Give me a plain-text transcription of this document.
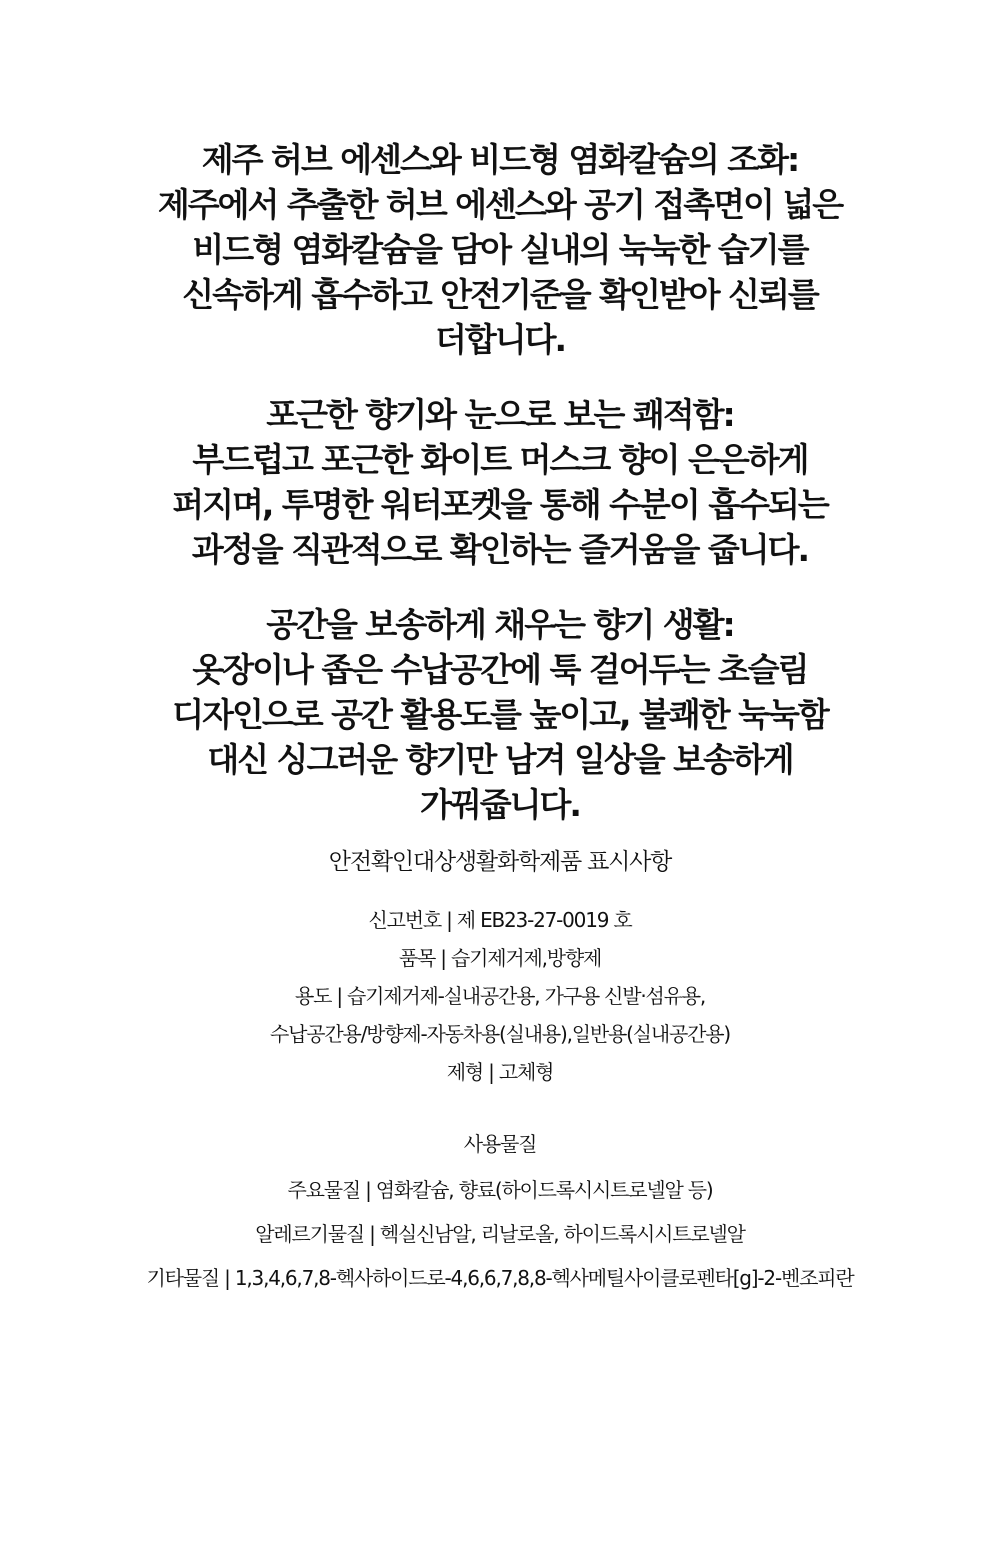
제주 허브 에센스와 비드형 염화칼슘의 조화:

제주에서 추출한 허브 에센스와 공기 접촉면이 넓은

비드형 염화칼슘을 담아 실내의 눅눅한 습기를

신속하게 흡수하고 안전기준을 확인받아 신뢰를

더합니다.

포근한 향기와 눈으로 보는 쾌적함:

부드럽고 포근한 화이트 머스크 향이 은은하게

퍼지며, 투명한 워터포켓을 통해 수분이 흡수되는

과정을 직관적으로 확인하는 즐거움을 줍니다.

공간을 보송하게 채우는 향기 생활:

옷장이나 좁은 수납공간에 툭 걸어두는 초슬림

디자인으로 공간 활용도를 높이고, 불쾌한 눅눅함

대신 싱그러운 향기만 남겨 일상을 보송하게

가꿔줍니다.

안전확인대상생활화학제품 표시사항

신고번호 | 제 EB23-27-0019 호

품목 | 습기제거제,방향제

용도 | 습기제거제-실내공간용, 가구용 신발·섬유용,

수납공간용/방향제-자동차용(실내용),일반용(실내공간용)

제형 | 고체형

사용물질

주요물질 | 염화칼슘, 향료(하이드록시시트로넬알 등)

알레르기물질 | 헥실신남알, 리날로올, 하이드록시시트로넬알

기타물질 | 1,3,4,6,7,8-헥사하이드로-4,6,6,7,8,8-헥사메틸사이클로펜타[g]-2-벤조피란
